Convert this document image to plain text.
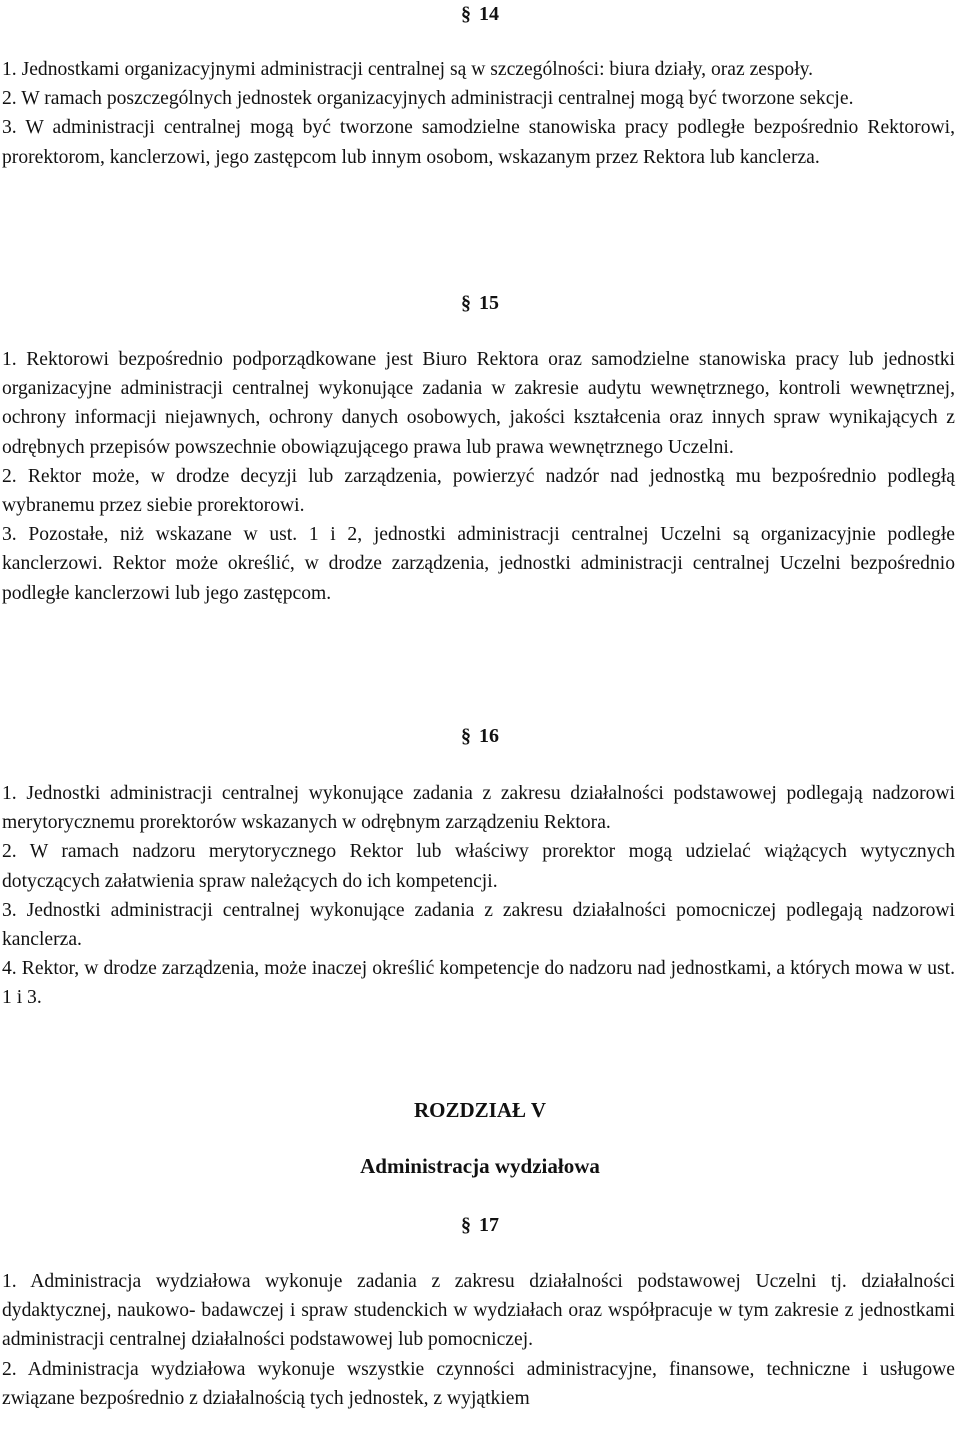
§ 14
1. Jednostkami organizacyjnymi administracji centralnej są w szczególności: biura działy, oraz zespoły.
2. W ramach poszczególnych jednostek organizacyjnych administracji centralnej mogą być tworzone sekcje.
3. W administracji centralnej mogą być tworzone samodzielne stanowiska pracy podległe bezpośrednio Rektorowi, prorektorom, kanclerzowi, jego zastępcom lub innym osobom, wskazanym przez Rektora lub kanclerza.
§ 15
1. Rektorowi bezpośrednio podporządkowane jest Biuro Rektora oraz samodzielne stanowiska pracy lub jednostki organizacyjne administracji centralnej wykonujące zadania w zakresie audytu wewnętrznego, kontroli wewnętrznej, ochrony informacji niejawnych, ochrony danych osobowych, jakości kształcenia oraz innych spraw wynikających z odrębnych przepisów powszechnie obowiązującego prawa lub prawa wewnętrznego Uczelni.
2. Rektor może, w drodze decyzji lub zarządzenia, powierzyć nadzór nad jednostką mu bezpośrednio podległą wybranemu przez siebie prorektorowi.
3. Pozostałe, niż wskazane w ust. 1 i 2, jednostki administracji centralnej Uczelni są organizacyjnie podległe kanclerzowi. Rektor może określić, w drodze zarządzenia, jednostki administracji centralnej Uczelni bezpośrednio podległe kanclerzowi lub jego zastępcom.
§ 16
1. Jednostki administracji centralnej wykonujące zadania z zakresu działalności podstawowej podlegają nadzorowi merytorycznemu prorektorów wskazanych w odrębnym zarządzeniu Rektora.
2. W ramach nadzoru merytorycznego Rektor lub właściwy prorektor mogą udzielać wiążących wytycznych dotyczących załatwienia spraw należących do ich kompetencji.
3. Jednostki administracji centralnej wykonujące zadania z zakresu działalności pomocniczej podlegają nadzorowi kanclerza.
4. Rektor, w drodze zarządzenia, może inaczej określić kompetencje do nadzoru nad jednostkami, a których mowa w ust. 1 i 3.
ROZDZIAŁ V
Administracja wydziałowa
§ 17
1. Administracja wydziałowa wykonuje zadania z zakresu działalności podstawowej Uczelni tj. działalności dydaktycznej, naukowo- badawczej i spraw studenckich w wydziałach oraz współpracuje w tym zakresie z jednostkami administracji centralnej działalności podstawowej lub pomocniczej.
2. Administracja wydziałowa wykonuje wszystkie czynności administracyjne, finansowe, techniczne i usługowe związane bezpośrednio z działalnością tych jednostek, z wyjątkiem
